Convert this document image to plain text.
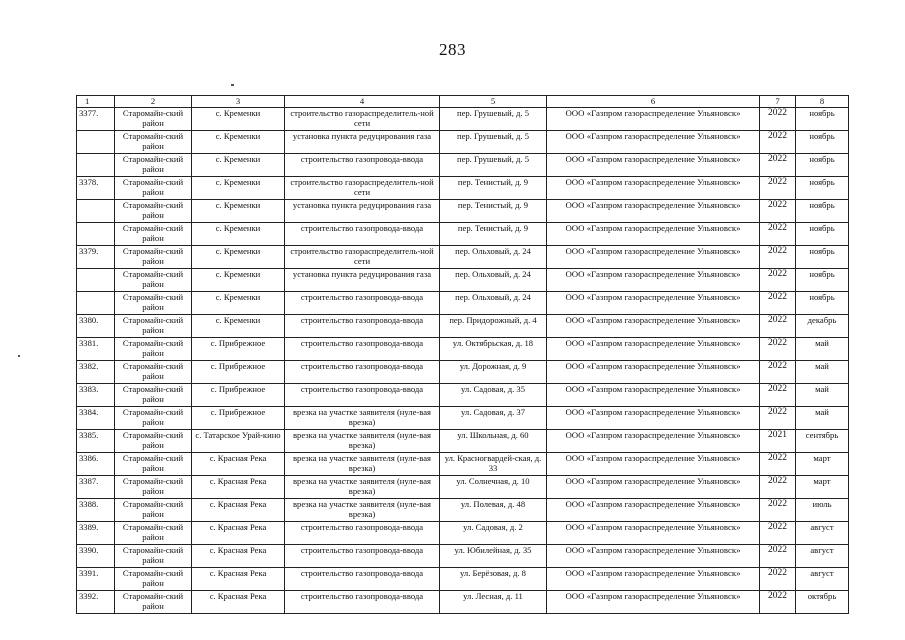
283
1	2	3	4	5	6	7	8
3377.	Старомайн-ский район	с. Кременки	строительство газораспределитель-ной сети	пер. Грушевый, д. 5	ООО «Газпром газораспределение Ульяновск»	2022	ноябрь
	Старомайн-ский район	с. Кременки	установка пункта редуцирования газа	пер. Грушевый, д. 5	ООО «Газпром газораспределение Ульяновск»	2022	ноябрь
	Старомайн-ский район	с. Кременки	строительство газопровода-ввода	пер. Грушевый, д. 5	ООО «Газпром газораспределение Ульяновск»	2022	ноябрь
3378.	Старомайн-ский район	с. Кременки	строительство газораспределитель-ной сети	пер. Тенистый, д. 9	ООО «Газпром газораспределение Ульяновск»	2022	ноябрь
	Старомайн-ский район	с. Кременки	установка пункта редуцирования газа	пер. Тенистый, д. 9	ООО «Газпром газораспределение Ульяновск»	2022	ноябрь
	Старомайн-ский район	с. Кременки	строительство газопровода-ввода	пер. Тенистый, д. 9	ООО «Газпром газораспределение Ульяновск»	2022	ноябрь
3379.	Старомайн-ский район	с. Кременки	строительство газораспределитель-ной сети	пер. Ольховый, д. 24	ООО «Газпром газораспределение Ульяновск»	2022	ноябрь
	Старомайн-ский район	с. Кременки	установка пункта редуцирования газа	пер. Ольховый, д. 24	ООО «Газпром газораспределение Ульяновск»	2022	ноябрь
	Старомайн-ский район	с. Кременки	строительство газопровода-ввода	пер. Ольховый, д. 24	ООО «Газпром газораспределение Ульяновск»	2022	ноябрь
3380.	Старомайн-ский район	с. Кременки	строительство газопровода-ввода	пер. Придорожный, д. 4	ООО «Газпром газораспределение Ульяновск»	2022	декабрь
3381.	Старомайн-ский район	с. Прибрежное	строительство газопровода-ввода	ул. Октябрьская, д. 18	ООО «Газпром газораспределение Ульяновск»	2022	май
3382.	Старомайн-ский район	с. Прибрежное	строительство газопровода-ввода	ул. Дорожная, д. 9	ООО «Газпром газораспределение Ульяновск»	2022	май
3383.	Старомайн-ский район	с. Прибрежное	строительство газопровода-ввода	ул. Садовая, д. 35	ООО «Газпром газораспределение Ульяновск»	2022	май
3384.	Старомайн-ский район	с. Прибрежное	врезка на участке заявителя (нуле-вая врезка)	ул. Садовая, д. 37	ООО «Газпром газораспределение Ульяновск»	2022	май
3385.	Старомайн-ский район	с. Татарское Урай-кино	врезка на участке заявителя (нуле-вая врезка)	ул. Школьная, д. 60	ООО «Газпром газораспределение Ульяновск»	2021	сентябрь
3386.	Старомайн-ский район	с. Красная Река	врезка на участке заявителя (нуле-вая врезка)	ул. Красногвардей-ская, д. 33	ООО «Газпром газораспределение Ульяновск»	2022	март
3387.	Старомайн-ский район	с. Красная Река	врезка на участке заявителя (нуле-вая врезка)	ул. Солнечная, д. 10	ООО «Газпром газораспределение Ульяновск»	2022	март
3388.	Старомайн-ский район	с. Красная Река	врезка на участке заявителя (нуле-вая врезка)	ул. Полевая, д. 48	ООО «Газпром газораспределение Ульяновск»	2022	июль
3389.	Старомайн-ский район	с. Красная Река	строительство газопровода-ввода	ул. Садовая, д. 2	ООО «Газпром газораспределение Ульяновск»	2022	август
3390.	Старомайн-ский район	с. Красная Река	строительство газопровода-ввода	ул. Юбилейная, д. 35	ООО «Газпром газораспределение Ульяновск»	2022	август
3391.	Старомайн-ский район	с. Красная Река	строительство газопровода-ввода	ул. Берёзовая, д. 8	ООО «Газпром газораспределение Ульяновск»	2022	август
3392.	Старомайн-ский район	с. Красная Река	строительство газопровода-ввода	ул. Лесная, д. 11	ООО «Газпром газораспределение Ульяновск»	2022	октябрь
